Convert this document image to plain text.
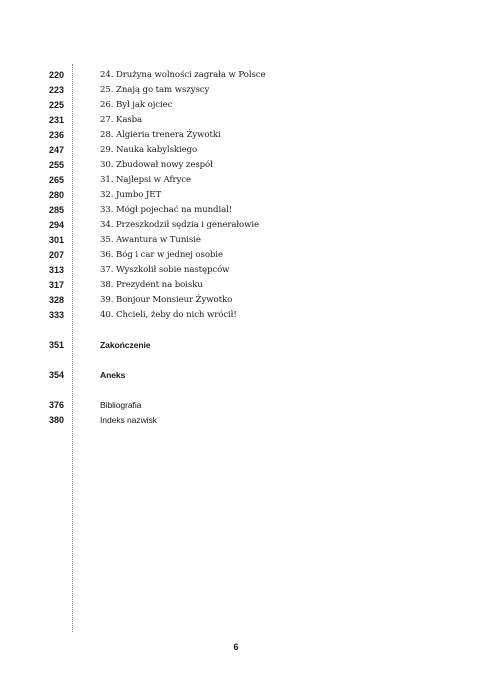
220	24. Drużyna wolności zagrała w Polsce
223	25. Znają go tam wszyscy
225	26. Był jak ojciec
231	27. Kasba
236	28. Algieria trenera Żywotki
247	29. Nauka kabylskiego
255	30. Zbudował nowy zespół
265	31. Najlepsi w Afryce
280	32. Jumbo JET
285	33. Mógł pojechać na mundial!
294	34. Przeszkodził sędzia i generałowie
301	35. Awantura w Tunisie
207	36. Bóg i car w jednej osobie
313	37. Wyszkolił sobie następców
317	38. Prezydent na boisku
328	39. Bonjour Monsieur Żywotko
333	40. Chcieli, żeby do nich wrócił!
351	Zakończenie
354	Aneks
376	Bibliografia
380	Indeks nazwisk
6
